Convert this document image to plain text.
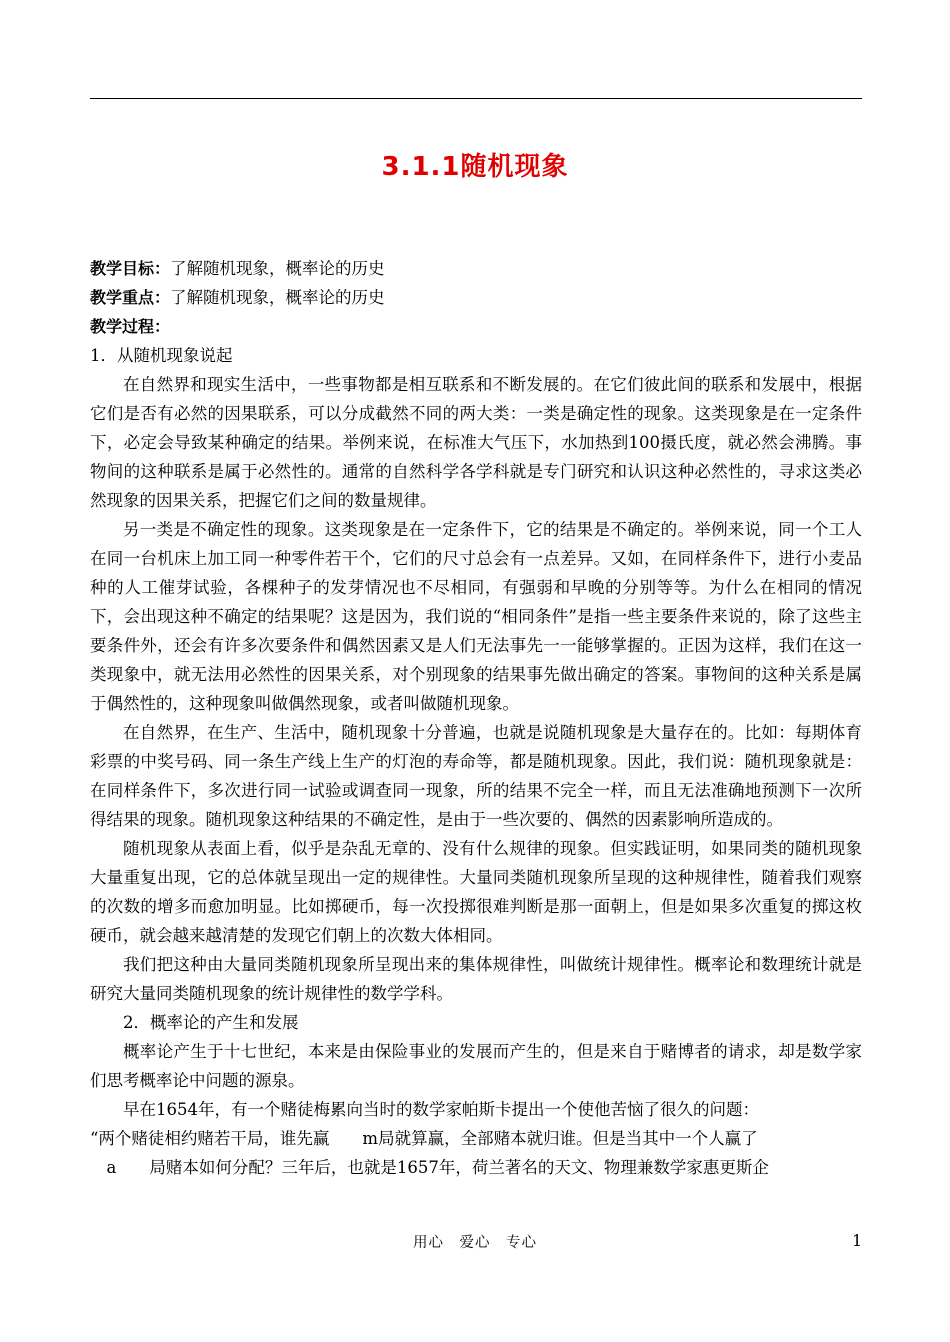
3.1.1随机现象

教学目标：了解随机现象，概率论的历史

教学重点：了解随机现象，概率论的历史

教学过程：

1．从随机现象说起

在自然界和现实生活中，一些事物都是相互联系和不断发展的。在它们彼此间的联系和发展中，根据它们是否有必然的因果联系，可以分成截然不同的两大类：一类是确定性的现象。这类现象是在一定条件下，必定会导致某种确定的结果。举例来说，在标准大气压下，水加热到100摄氏度，就必然会沸腾。事物间的这种联系是属于必然性的。通常的自然科学各学科就是专门研究和认识这种必然性的，寻求这类必然现象的因果关系，把握它们之间的数量规律。

另一类是不确定性的现象。这类现象是在一定条件下，它的结果是不确定的。举例来说，同一个工人在同一台机床上加工同一种零件若干个，它们的尺寸总会有一点差异。又如，在同样条件下，进行小麦品种的人工催芽试验，各棵种子的发芽情况也不尽相同，有强弱和早晚的分别等等。为什么在相同的情况下，会出现这种不确定的结果呢？这是因为，我们说的“相同条件”是指一些主要条件来说的，除了这些主要条件外，还会有许多次要条件和偶然因素又是人们无法事先一一能够掌握的。正因为这样，我们在这一类现象中，就无法用必然性的因果关系，对个别现象的结果事先做出确定的答案。事物间的这种关系是属于偶然性的，这种现象叫做偶然现象，或者叫做随机现象。

在自然界，在生产、生活中，随机现象十分普遍，也就是说随机现象是大量存在的。比如：每期体育彩票的中奖号码、同一条生产线上生产的灯泡的寿命等，都是随机现象。因此，我们说：随机现象就是：在同样条件下，多次进行同一试验或调查同一现象，所的结果不完全一样，而且无法准确地预测下一次所得结果的现象。随机现象这种结果的不确定性，是由于一些次要的、偶然的因素影响所造成的。

随机现象从表面上看，似乎是杂乱无章的、没有什么规律的现象。但实践证明，如果同类的随机现象大量重复出现，它的总体就呈现出一定的规律性。大量同类随机现象所呈现的这种规律性，随着我们观察的次数的增多而愈加明显。比如掷硬币，每一次投掷很难判断是那一面朝上，但是如果多次重复的掷这枚硬币，就会越来越清楚的发现它们朝上的次数大体相同。

我们把这种由大量同类随机现象所呈现出来的集体规律性，叫做统计规律性。概率论和数理统计就是研究大量同类随机现象的统计规律性的数学学科。

2．概率论的产生和发展

概率论产生于十七世纪，本来是由保险事业的发展而产生的，但是来自于赌博者的请求，却是数学家们思考概率论中问题的源泉。

早在1654年，有一个赌徒梅累向当时的数学家帕斯卡提出一个使他苦恼了很久的问题：

“两个赌徒相约赌若干局，谁先赢　　m局就算赢，全部赌本就归谁。但是当其中一个人赢了

　a　　局赌本如何分配？三年后，也就是1657年，荷兰著名的天文、物理兼数学家惠更斯企

用心　爱心　专心	1
